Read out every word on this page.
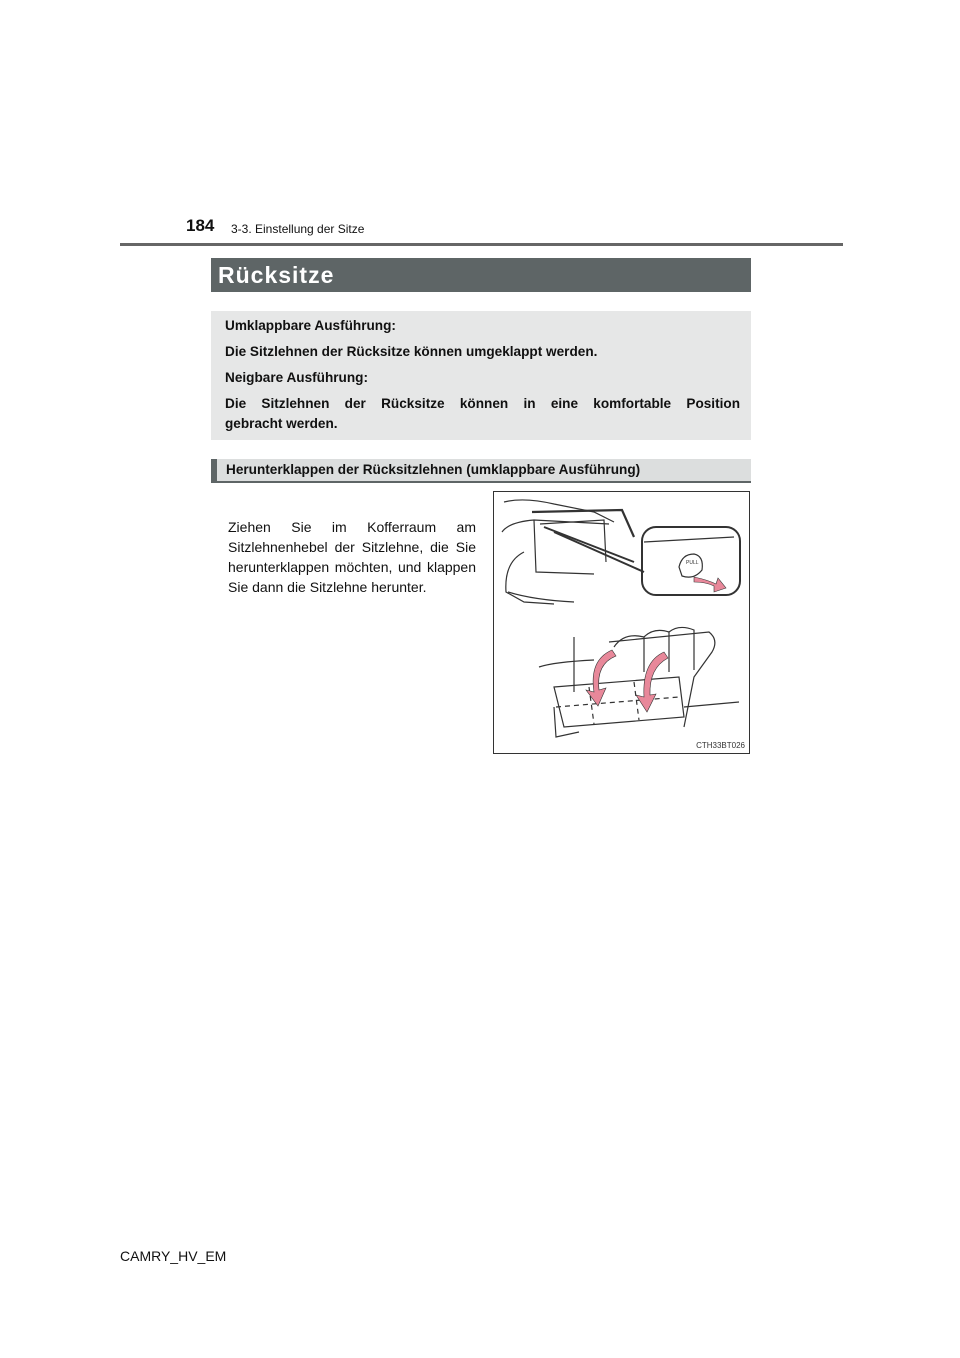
184 3-3. Einstellung der Sitze
Rücksitze
Umklappbare Ausführung:
Die Sitzlehnen der Rücksitze können umgeklappt werden.
Neigbare Ausführung:
Die Sitzlehnen der Rücksitze können in eine komfortable Position
gebracht werden.
Herunterklappen der Rücksitzlehnen (umklappbare Ausführung)
Ziehen Sie im Kofferraum am Sitzlehnenhebel der Sitzlehne, die Sie herunterklappen möchten, und klappen Sie dann die Sitzlehne herunter.
PULL
CTH33BT026
CAMRY_HV_EM
